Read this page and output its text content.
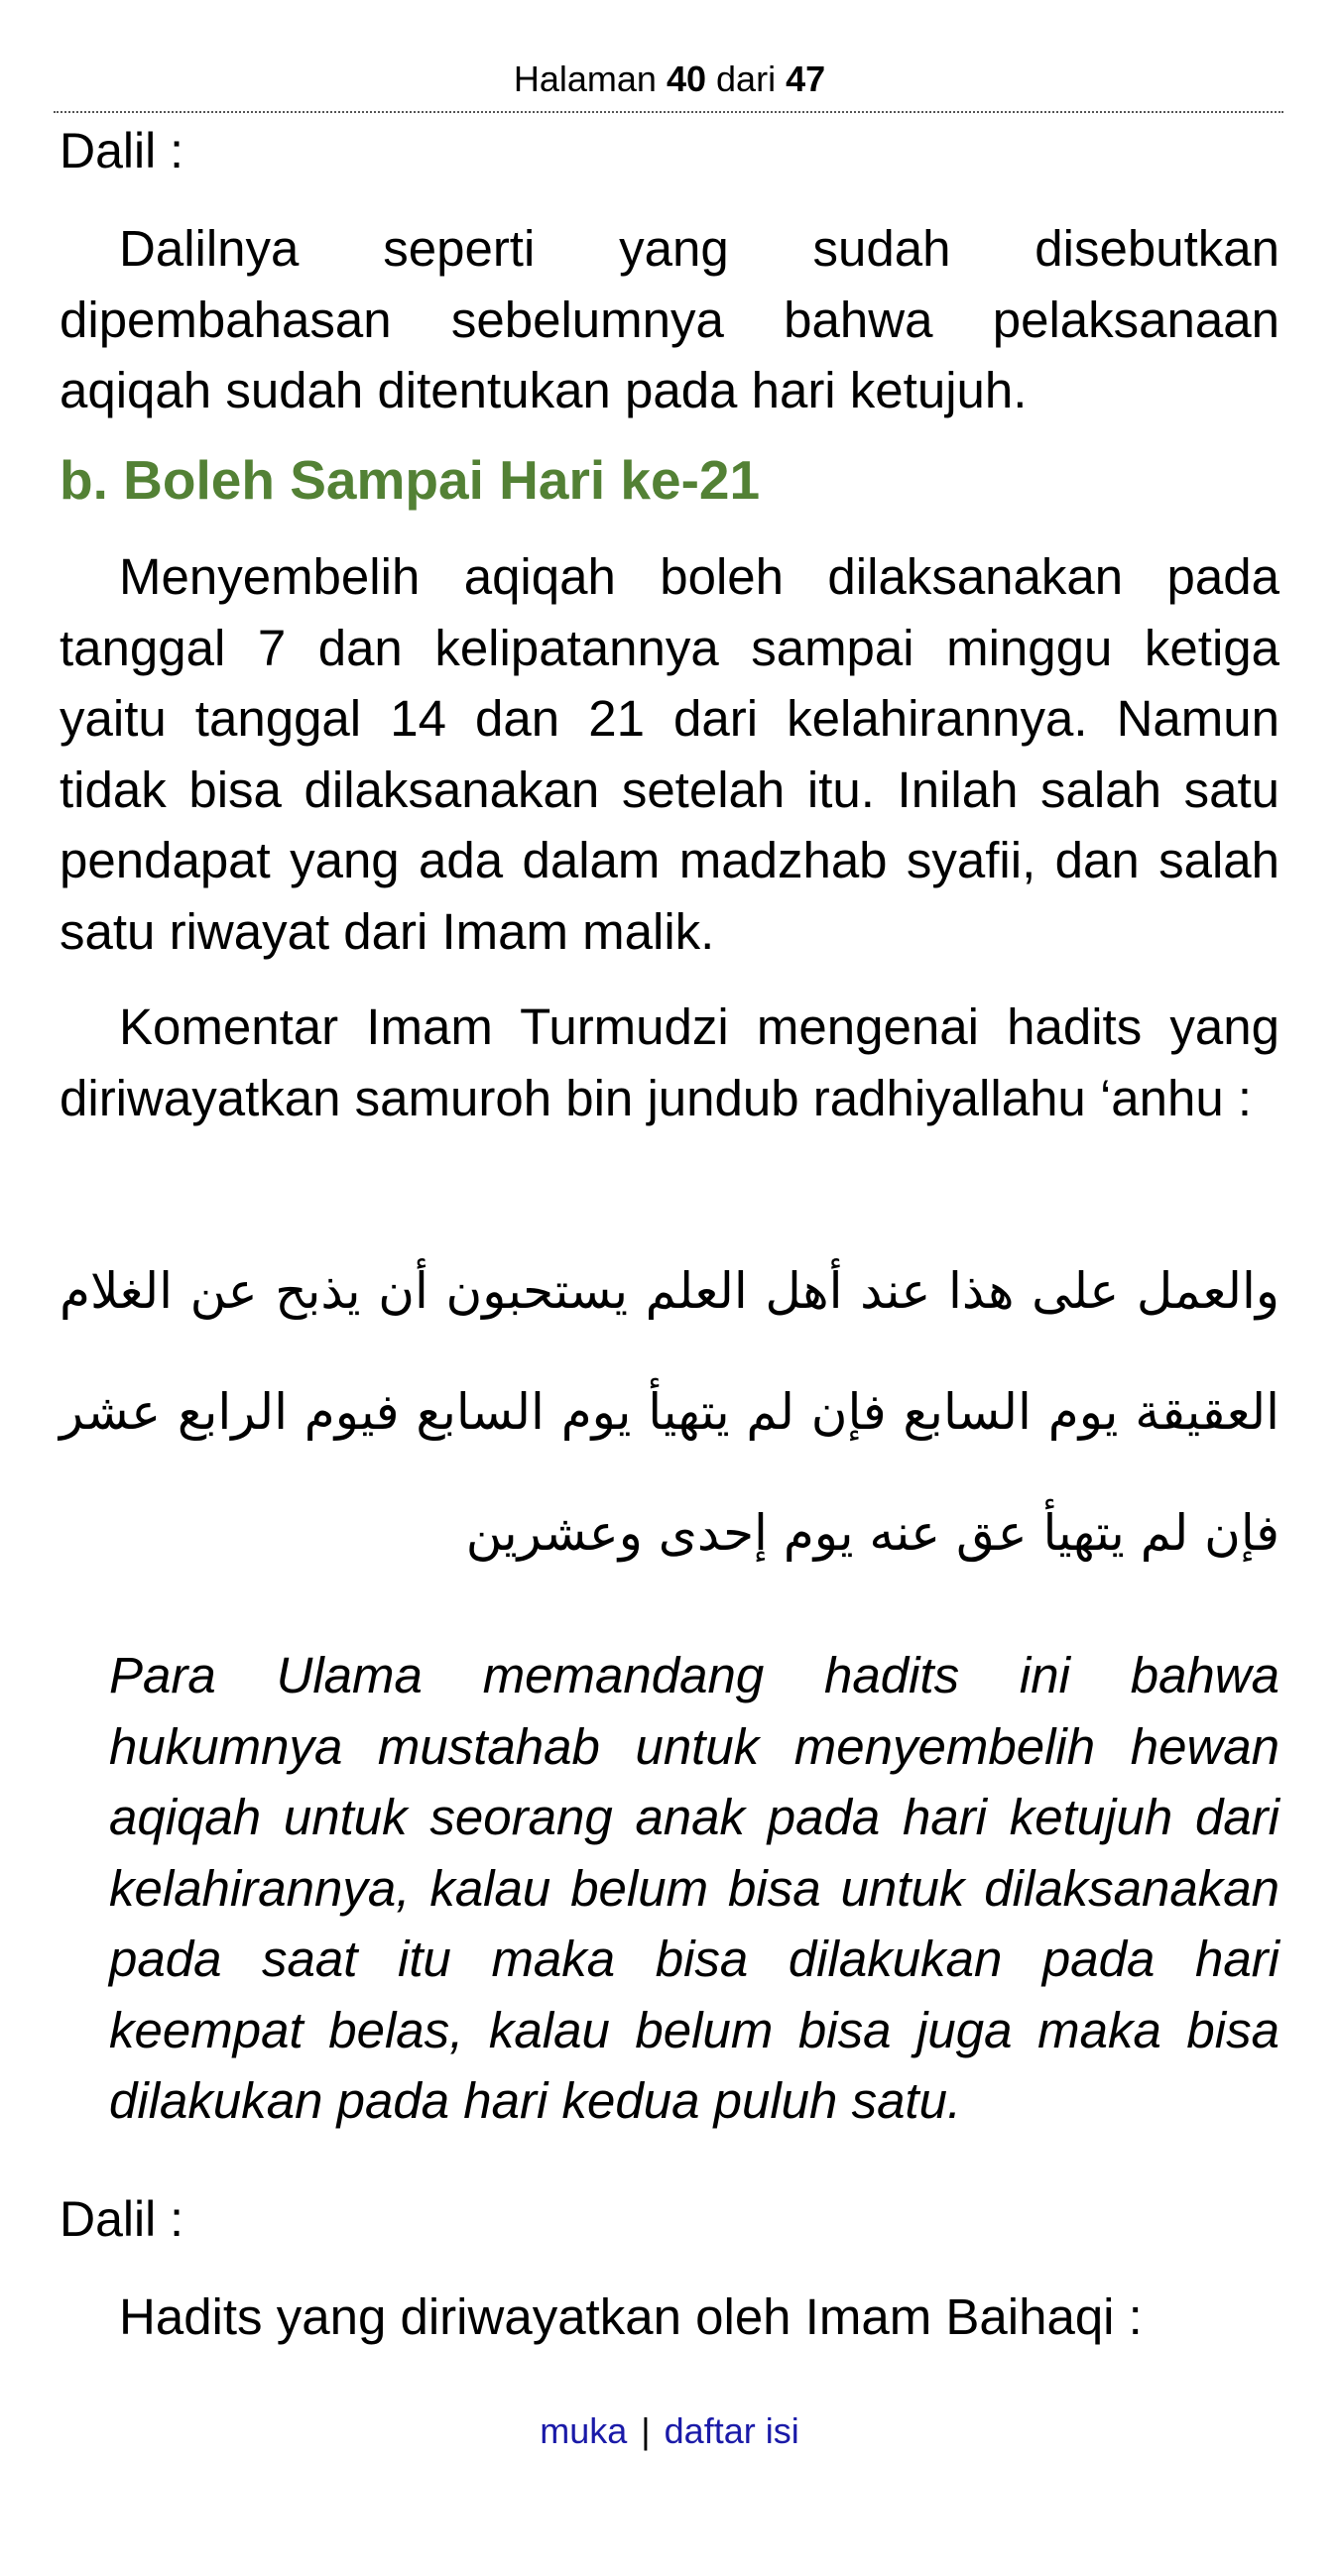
Halaman 40 dari 47
Dalil :
Dalilnya seperti yang sudah disebutkan dipembahasan sebelumnya bahwa pelaksanaan aqiqah sudah ditentukan pada hari ketujuh.
b. Boleh Sampai Hari ke-21
Menyembelih aqiqah boleh dilaksanakan pada tanggal 7 dan kelipatannya sampai minggu ketiga yaitu tanggal 14 dan 21 dari kelahirannya. Namun tidak bisa dilaksanakan setelah itu. Inilah salah satu pendapat yang ada dalam madzhab syafii, dan salah satu riwayat dari Imam malik.
Komentar Imam Turmudzi mengenai hadits yang diriwayatkan samuroh bin jundub radhiyallahu ‘anhu :
والعمل على هذا عند أهل العلم يستحبون أن يذبح عن الغلام العقيقة يوم السابع فإن لم يتهيأ يوم السابع فيوم الرابع عشر فإن لم يتهيأ عق عنه يوم إحدى وعشرين
Para Ulama memandang hadits ini bahwa hukumnya mustahab untuk menyembelih hewan aqiqah untuk seorang anak pada hari ketujuh dari kelahirannya, kalau belum bisa untuk dilaksanakan pada saat itu maka bisa dilakukan pada hari keempat belas, kalau belum bisa juga maka bisa dilakukan pada hari kedua puluh satu.
Dalil :
Hadits yang diriwayatkan oleh Imam Baihaqi :
muka | daftar isi
